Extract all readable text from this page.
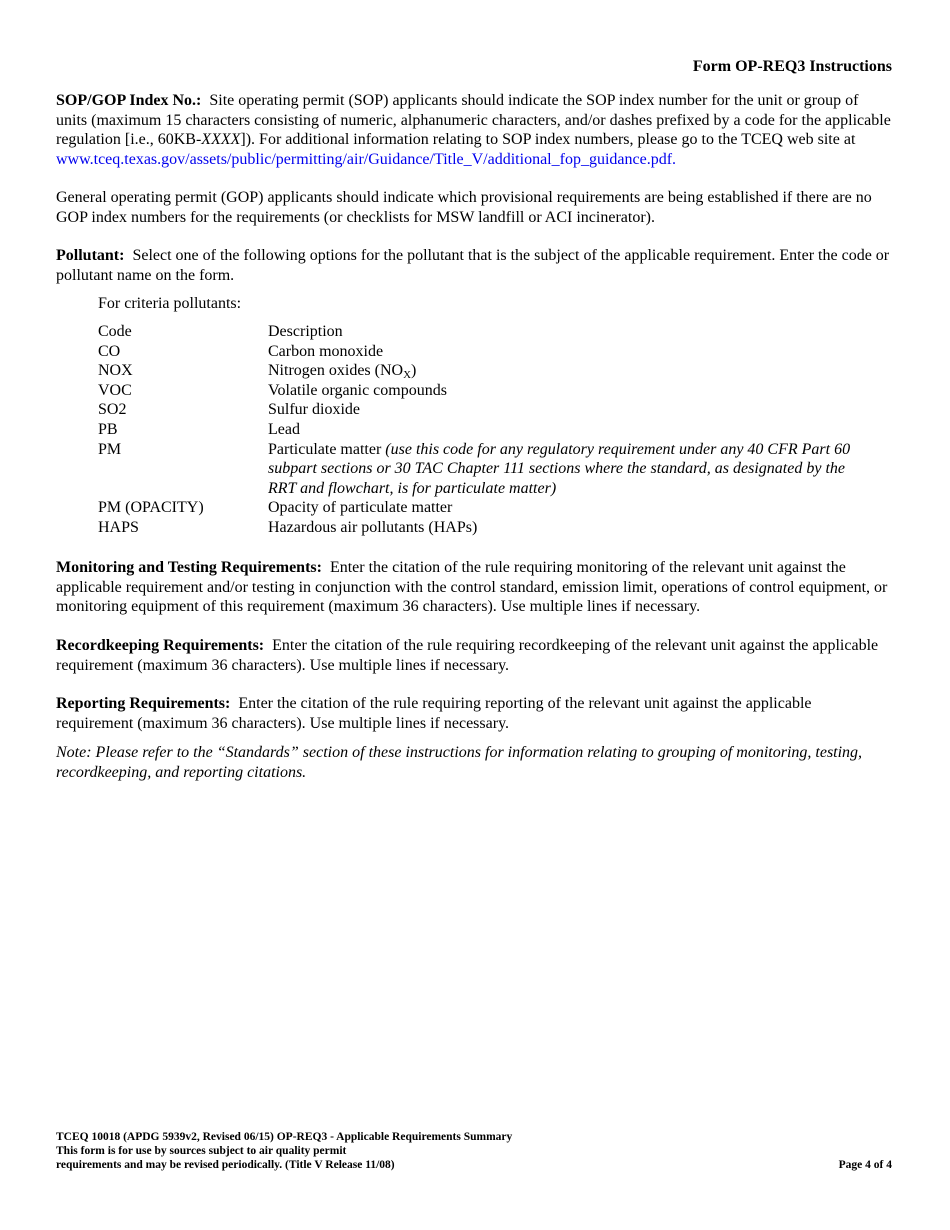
Form OP-REQ3 Instructions

SOP/GOP Index No.: Site operating permit (SOP) applicants should indicate the SOP index number for the unit or group of units (maximum 15 characters consisting of numeric, alphanumeric characters, and/or dashes prefixed by a code for the applicable regulation [i.e., 60KB-XXXX]). For additional information relating to SOP index numbers, please go to the TCEQ web site at www.tceq.texas.gov/assets/public/permitting/air/Guidance/Title_V/additional_fop_guidance.pdf.

General operating permit (GOP) applicants should indicate which provisional requirements are being established if there are no GOP index numbers for the requirements (or checklists for MSW landfill or ACI incinerator).

Pollutant: Select one of the following options for the pollutant that is the subject of the applicable requirement. Enter the code or pollutant name on the form.

For criteria pollutants:
Code	Description
CO	Carbon monoxide
NOX	Nitrogen oxides $(NO_X)$
VOC	Volatile organic compounds
SO2	Sulfur dioxide
PB	Lead
PM	Particulate matter (use this code for any regulatory requirement under any 40 CFR Part 60 subpart sections or 30 TAC Chapter 111 sections where the standard, as designated by the RRT and flowchart, is for particulate matter)
PM (OPACITY)	Opacity of particulate matter
HAPS	Hazardous air pollutants (HAPs)

Monitoring and Testing Requirements: Enter the citation of the rule requiring monitoring of the relevant unit against the applicable requirement and/or testing in conjunction with the control standard, emission limit, operations of control equipment, or monitoring equipment of this requirement (maximum 36 characters). Use multiple lines if necessary.

Recordkeeping Requirements: Enter the citation of the rule requiring recordkeeping of the relevant unit against the applicable requirement (maximum 36 characters). Use multiple lines if necessary.

Reporting Requirements: Enter the citation of the rule requiring reporting of the relevant unit against the applicable requirement (maximum 36 characters). Use multiple lines if necessary.

Note: Please refer to the “Standards” section of these instructions for information relating to grouping of monitoring, testing, recordkeeping, and reporting citations.

TCEQ 10018 (APDG 5939v2, Revised 06/15) OP-REQ3 - Applicable Requirements Summary
This form is for use by sources subject to air quality permit
requirements and may be revised periodically. (Title V Release 11/08)	Page 4 of 4
